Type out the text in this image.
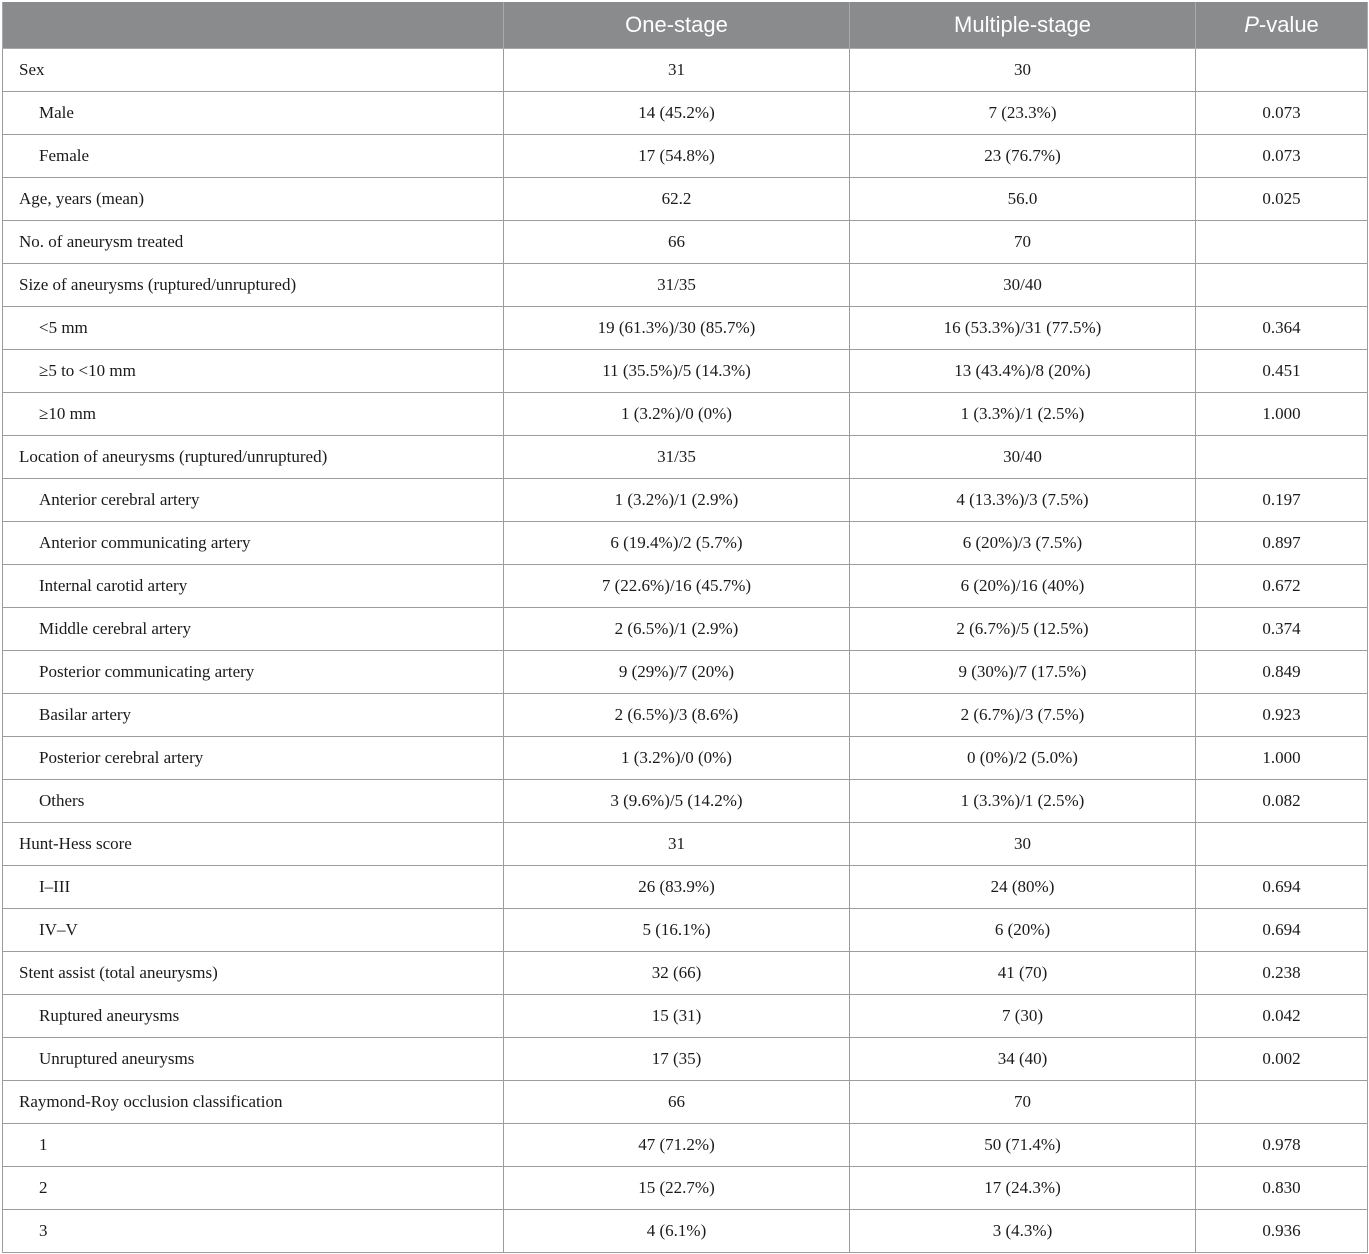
	One-stage	Multiple-stage	P-value
Sex	31	30	
Male	14 (45.2%)	7 (23.3%)	0.073
Female	17 (54.8%)	23 (76.7%)	0.073
Age, years (mean)	62.2	56.0	0.025
No. of aneurysm treated	66	70	
Size of aneurysms (ruptured/unruptured)	31/35	30/40	
<5 mm	19 (61.3%)/30 (85.7%)	16 (53.3%)/31 (77.5%)	0.364
≥5 to <10 mm	11 (35.5%)/5 (14.3%)	13 (43.4%)/8 (20%)	0.451
≥10 mm	1 (3.2%)/0 (0%)	1 (3.3%)/1 (2.5%)	1.000
Location of aneurysms (ruptured/unruptured)	31/35	30/40	
Anterior cerebral artery	1 (3.2%)/1 (2.9%)	4 (13.3%)/3 (7.5%)	0.197
Anterior communicating artery	6 (19.4%)/2 (5.7%)	6 (20%)/3 (7.5%)	0.897
Internal carotid artery	7 (22.6%)/16 (45.7%)	6 (20%)/16 (40%)	0.672
Middle cerebral artery	2 (6.5%)/1 (2.9%)	2 (6.7%)/5 (12.5%)	0.374
Posterior communicating artery	9 (29%)/7 (20%)	9 (30%)/7 (17.5%)	0.849
Basilar artery	2 (6.5%)/3 (8.6%)	2 (6.7%)/3 (7.5%)	0.923
Posterior cerebral artery	1 (3.2%)/0 (0%)	0 (0%)/2 (5.0%)	1.000
Others	3 (9.6%)/5 (14.2%)	1 (3.3%)/1 (2.5%)	0.082
Hunt-Hess score	31	30	
I–III	26 (83.9%)	24 (80%)	0.694
IV–V	5 (16.1%)	6 (20%)	0.694
Stent assist (total aneurysms)	32 (66)	41 (70)	0.238
Ruptured aneurysms	15 (31)	7 (30)	0.042
Unruptured aneurysms	17 (35)	34 (40)	0.002
Raymond-Roy occlusion classification	66	70	
1	47 (71.2%)	50 (71.4%)	0.978
2	15 (22.7%)	17 (24.3%)	0.830
3	4 (6.1%)	3 (4.3%)	0.936
